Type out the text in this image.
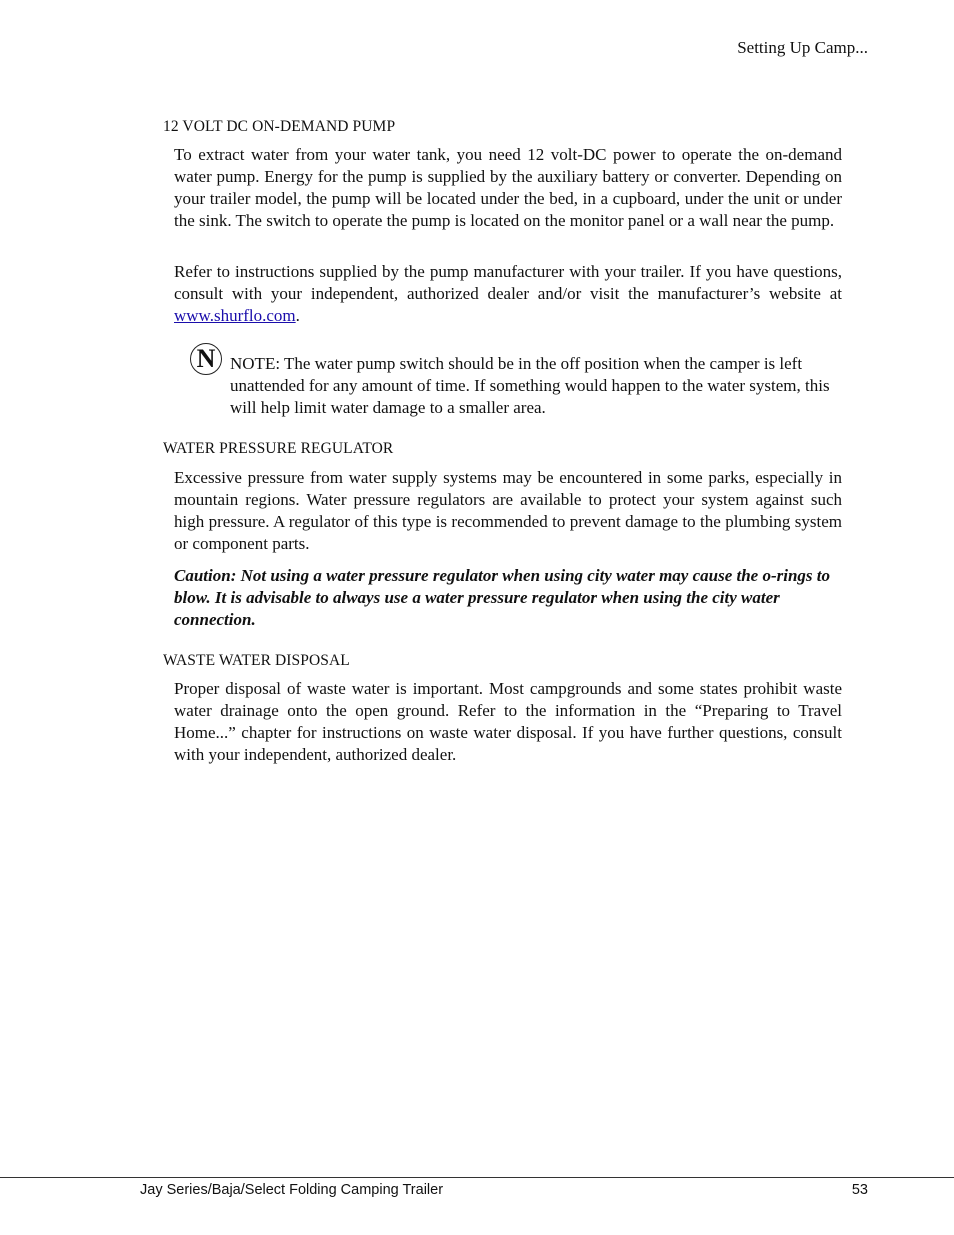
Setting Up Camp...
12 VOLT DC ON-DEMAND PUMP

To extract water from your water tank, you need 12 volt-DC power to operate the on-demand water pump. Energy for the pump is supplied by the auxiliary battery or converter. Depending on your trailer model, the pump will be located under the bed, in a cupboard, under the unit or under the sink. The switch to operate the pump is located on the monitor panel or a wall near the pump.

Refer to instructions supplied by the pump manufacturer with your trailer. If you have questions, consult with your independent, authorized dealer and/or visit the manufacturer’s website at www.shurflo.com.

N NOTE: The water pump switch should be in the off position when the camper is left unattended for any amount of time. If something would happen to the water system, this will help limit water damage to a smaller area.

WATER PRESSURE REGULATOR

Excessive pressure from water supply systems may be encountered in some parks, especially in mountain regions. Water pressure regulators are available to protect your system against such high pressure. A regulator of this type is recommended to prevent damage to the plumbing system or component parts.

Caution: Not using a water pressure regulator when using city water may cause the o-rings to blow. It is advisable to always use a water pressure regulator when using the city water connection.

WASTE WATER DISPOSAL

Proper disposal of waste water is important. Most campgrounds and some states prohibit waste water drainage onto the open ground. Refer to the information in the “Preparing to Travel Home...” chapter for instructions on waste water disposal. If you have further questions, consult with your independent, authorized dealer.

Jay Series/Baja/Select Folding Camping Trailer	53
